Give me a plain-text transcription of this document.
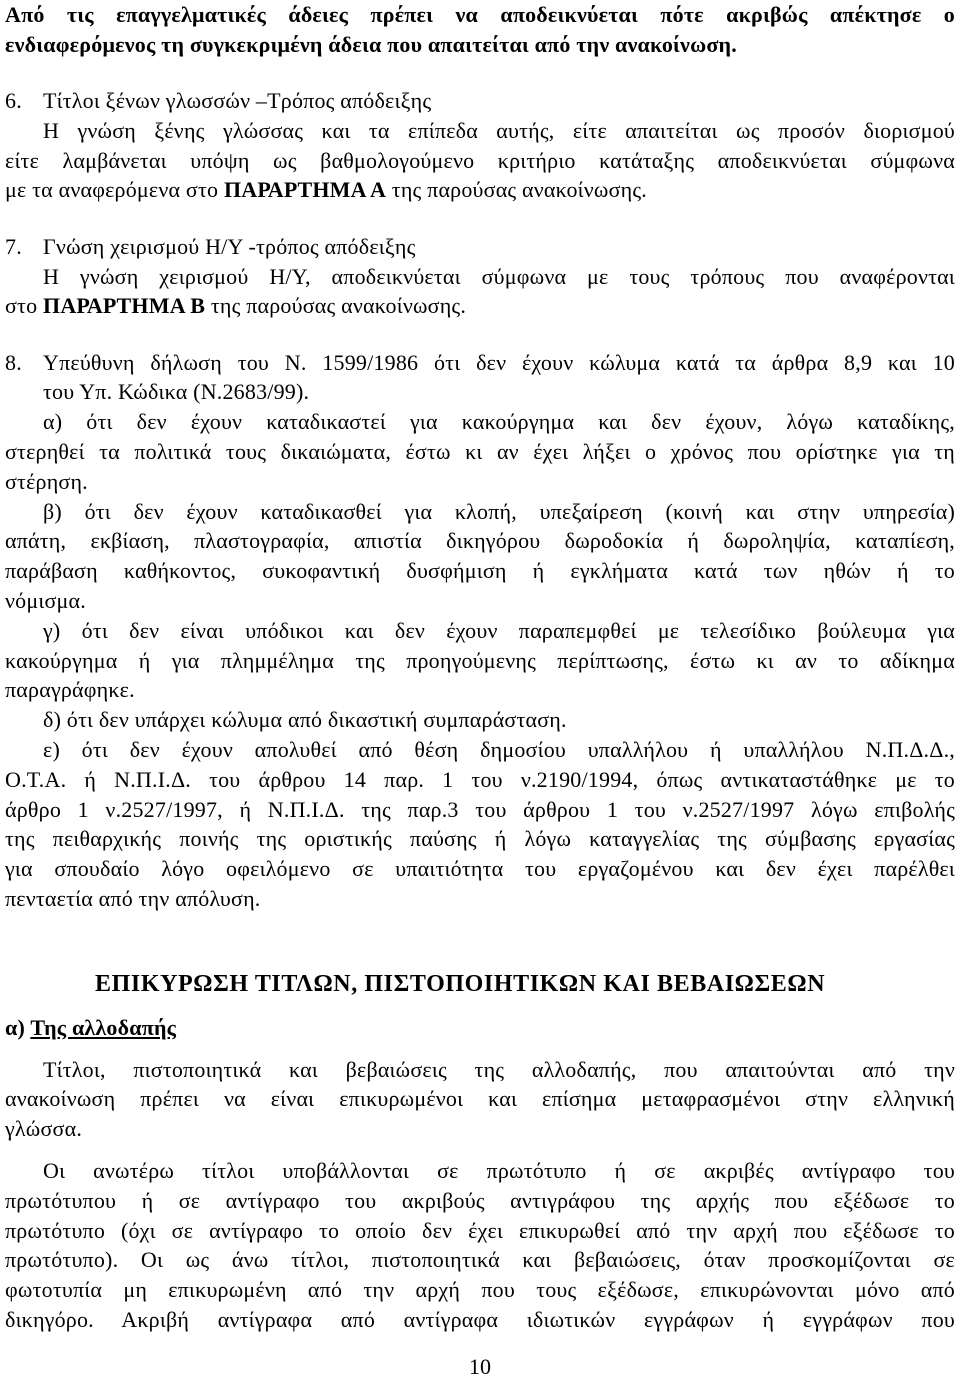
Από τις επαγγελματικές άδειες πρέπει να αποδεικνύεται πότε ακριβώς απέκτησε ο
ενδιαφερόμενος τη συγκεκριμένη άδεια που απαιτείται από την ανακοίνωση.
6. Τίτλοι ξένων γλωσσών –Τρόπος απόδειξης
Η γνώση ξένης γλώσσας και τα επίπεδα αυτής, είτε απαιτείται ως προσόν διορισμού
είτε λαμβάνεται υπόψη ως βαθμολογούμενο κριτήριο κατάταξης αποδεικνύεται σύμφωνα
με τα αναφερόμενα στο ΠΑΡΑΡΤΗΜΑ Α της παρούσας ανακοίνωσης.
7. Γνώση χειρισμού Η/Υ -τρόπος απόδειξης
Η γνώση χειρισμού Η/Υ, αποδεικνύεται σύμφωνα με τους τρόπους που αναφέρονται
στο ΠΑΡΑΡΤΗΜΑ Β της παρούσας ανακοίνωσης.
8. Υπεύθυνη δήλωση του Ν. 1599/1986 ότι δεν έχουν κώλυμα κατά τα άρθρα 8,9 και 10
του Υπ. Κώδικα (Ν.2683/99).
α) ότι δεν έχουν καταδικαστεί για κακούργημα και δεν έχουν, λόγω καταδίκης,
στερηθεί τα πολιτικά τους δικαιώματα, έστω κι αν έχει λήξει ο χρόνος που ορίστηκε για τη
στέρηση.
β) ότι δεν έχουν καταδικασθεί για κλοπή, υπεξαίρεση (κοινή και στην υπηρεσία)
απάτη, εκβίαση, πλαστογραφία, απιστία δικηγόρου δωροδοκία ή δωροληψία, καταπίεση,
παράβαση καθήκοντος, συκοφαντική δυσφήμιση ή εγκλήματα κατά των ηθών ή το
νόμισμα.
γ) ότι δεν είναι υπόδικοι και δεν έχουν παραπεμφθεί με τελεσίδικο βούλευμα για
κακούργημα ή για πλημμέλημα της προηγούμενης περίπτωσης, έστω κι αν το αδίκημα
παραγράφηκε.
δ) ότι δεν υπάρχει κώλυμα από δικαστική συμπαράσταση.
ε) ότι δεν έχουν απολυθεί από θέση δημοσίου υπαλλήλου ή υπαλλήλου Ν.Π.Δ.Δ.,
Ο.Τ.Α. ή Ν.Π.Ι.Δ. του άρθρου 14 παρ. 1 του ν.2190/1994, όπως αντικαταστάθηκε με το
άρθρο 1 ν.2527/1997, ή Ν.Π.Ι.Δ. της παρ.3 του άρθρου 1 του ν.2527/1997 λόγω επιβολής
της πειθαρχικής ποινής της οριστικής παύσης ή λόγω καταγγελίας της σύμβασης εργασίας
για σπουδαίο λόγο οφειλόμενο σε υπαιτιότητα του εργαζομένου και δεν έχει παρέλθει
πενταετία από την απόλυση.
ΕΠΙΚΥΡΩΣΗ ΤΙΤΛΩΝ, ΠΙΣΤΟΠΟΙΗΤΙΚΩΝ ΚΑΙ ΒΕΒΑΙΩΣΕΩΝ
α) Της αλλοδαπής
Τίτλοι, πιστοποιητικά και βεβαιώσεις της αλλοδαπής, που απαιτούνται από την
ανακοίνωση πρέπει να είναι επικυρωμένοι και επίσημα μεταφρασμένοι στην ελληνική
γλώσσα.
Οι ανωτέρω τίτλοι υποβάλλονται σε πρωτότυπο ή σε ακριβές αντίγραφο του
πρωτότυπου ή σε αντίγραφο του ακριβούς αντιγράφου της αρχής που εξέδωσε το
πρωτότυπο (όχι σε αντίγραφο το οποίο δεν έχει επικυρωθεί από την αρχή που εξέδωσε το
πρωτότυπο). Οι ως άνω τίτλοι, πιστοποιητικά και βεβαιώσεις, όταν προσκομίζονται σε
φωτοτυπία μη επικυρωμένη από την αρχή που τους εξέδωσε, επικυρώνονται μόνο από
δικηγόρο. Ακριβή αντίγραφα από αντίγραφα ιδιωτικών εγγράφων ή εγγράφων που
10
